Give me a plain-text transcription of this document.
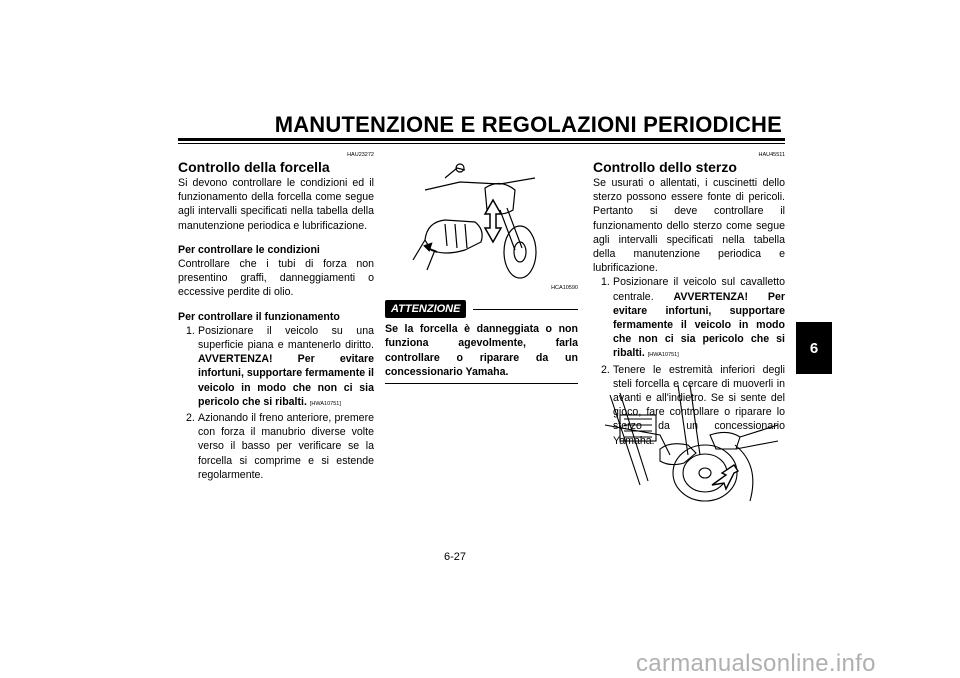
MANUTENZIONE E REGOLAZIONI PERIODICHE
6
HAU23272
Controllo della forcella

Si devono controllare le condizioni ed il funzionamento della forcella come segue agli intervalli specificati nella tabella della manutenzione periodica e lubrificazione.

Per controllare le condizioni

Controllare che i tubi di forza non presentino graffi, danneggiamenti o eccessive perdite di olio.

Per controllare il funzionamento
1. Posizionare il veicolo su una superficie piana e mantenerlo diritto. AVVERTENZA! Per evitare infortuni, supportare fermamente il veicolo in modo che non ci sia pericolo che si ribalti. [HWA10751]
2. Azionando il freno anteriore, premere con forza il manubrio diverse volte verso il basso per verificare se la forcella si comprime e si estende regolarmente.
HCA10590
ATTENZIONE
Se la forcella è danneggiata o non funziona agevolmente, farla controllare o riparare da un concessionario Yamaha.
HAU45511
Controllo dello sterzo

Se usurati o allentati, i cuscinetti dello sterzo possono essere fonte di pericoli. Pertanto si deve controllare il funzionamento dello sterzo come segue agli intervalli specificati nella tabella della manutenzione periodica e lubrificazione.

1. Posizionare il veicolo sul cavalletto centrale. AVVERTENZA! Per evitare infortuni, supportare fermamente il veicolo in modo che non ci sia pericolo che si ribalti. [HWA10751]
2. Tenere le estremità inferiori degli steli forcella e cercare di muoverli in avanti e all'indietro. Se si sente del gioco, fare controllare o riparare lo sterzo da un concessionario Yamaha.
6-27
carmanualsonline.info
